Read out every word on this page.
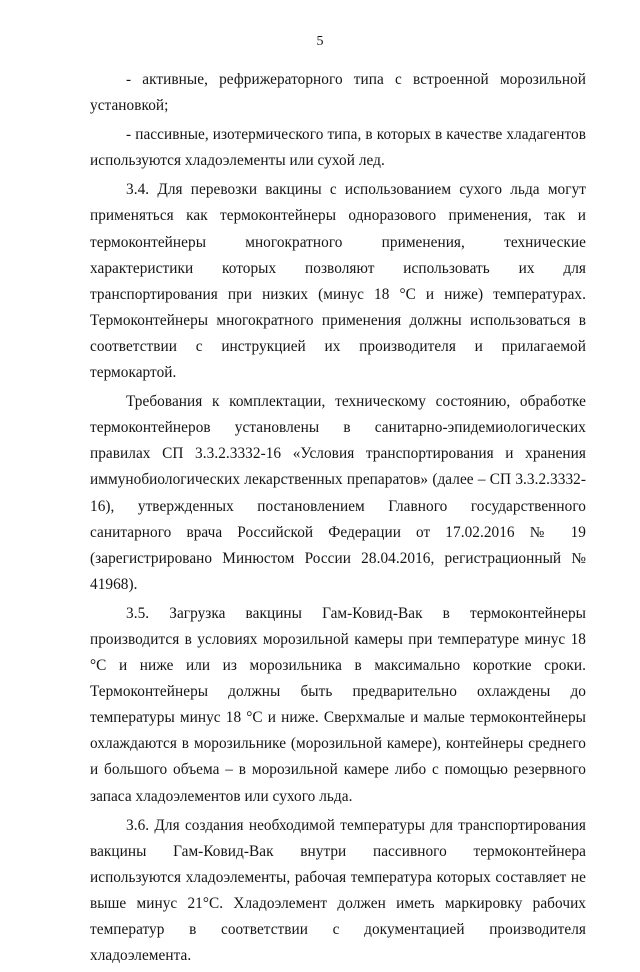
5

- активные, рефрижераторного типа с встроенной морозильной установкой;

- пассивные, изотермического типа, в которых в качестве хладагентов используются хладоэлементы или сухой лед.

3.4. Для перевозки вакцины с использованием сухого льда могут применяться как термоконтейнеры одноразового применения, так и термоконтейнеры многократного применения, технические характеристики которых позволяют использовать их для транспортирования при низких (минус 18 °С и ниже) температурах. Термоконтейнеры многократного применения должны использоваться в соответствии с инструкцией их производителя и прилагаемой термокартой.

Требования к комплектации, техническому состоянию, обработке термоконтейнеров установлены в санитарно-эпидемиологических правилах СП 3.3.2.3332-16 «Условия транспортирования и хранения иммунобиологических лекарственных препаратов» (далее – СП 3.3.2.3332-16), утвержденных постановлением Главного государственного санитарного врача Российской Федерации от 17.02.2016 № 19 (зарегистрировано Минюстом России 28.04.2016, регистрационный № 41968).

3.5. Загрузка вакцины Гам-Ковид-Вак в термоконтейнеры производится в условиях морозильной камеры при температуре минус 18 °С и ниже или из морозильника в максимально короткие сроки. Термоконтейнеры должны быть предварительно охлаждены до температуры минус 18 °С и ниже. Сверхмалые и малые термоконтейнеры охлаждаются в морозильнике (морозильной камере), контейнеры среднего и большого объема – в морозильной камере либо с помощью резервного запаса хладоэлементов или сухого льда.

3.6. Для создания необходимой температуры для транспортирования вакцины Гам-Ковид-Вак внутри пассивного термоконтейнера используются хладоэлементы, рабочая температура которых составляет не выше минус 21°С. Хладоэлемент должен иметь маркировку рабочих температур в соответствии с документацией производителя хладоэлемента.
